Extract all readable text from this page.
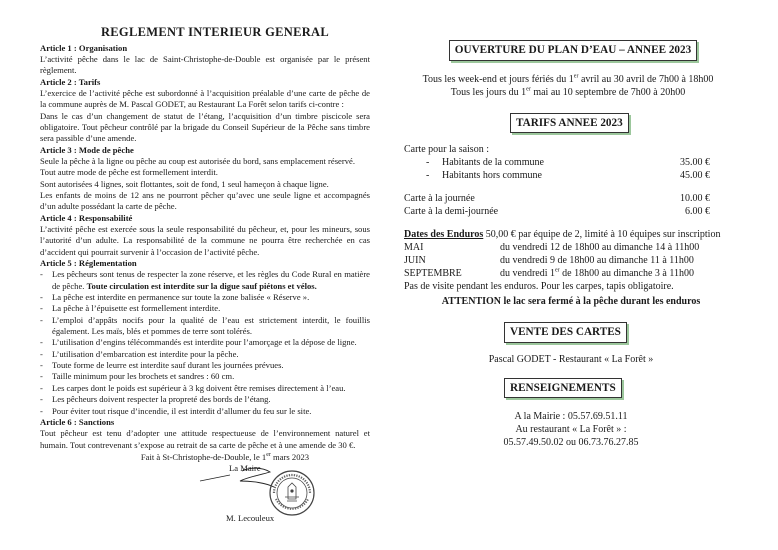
REGLEMENT INTERIEUR GENERAL
Article 1 : Organisation
L’activité pêche dans le lac de Saint-Christophe-de-Double est organisée par le présent règlement.
Article 2 : Tarifs
L’exercice de l’activité pêche est subordonné à l’acquisition préalable d’une carte de pêche de la commune auprès de M. Pascal GODET, au Restaurant La Forêt selon tarifs ci-contre :
Dans le cas d’un changement de statut de l’étang, l’acquisition d’un timbre piscicole sera obligatoire. Tout pêcheur contrôlé par la brigade du Conseil Supérieur de la Pêche sans timbre sera passible d’une amende.
Article 3 : Mode de pêche
Seule la pêche à la ligne ou pêche au coup est autorisée du bord, sans emplacement réservé.
Tout autre mode de pêche est formellement interdit.
Sont autorisées 4 lignes, soit flottantes, soit de fond, 1 seul hameçon à chaque ligne.
Les enfants de moins de 12 ans ne pourront pêcher qu’avec une seule ligne et accompagnés d’un adulte possédant la carte de pêche.
Article 4 : Responsabilité
L’activité pêche est exercée sous la seule responsabilité du pêcheur, et, pour les mineurs, sous l’autorité d’un adulte. La responsabilité de la commune ne pourra être recherchée en cas d’accident qui pourrait survenir à l’occasion de l’activité pêche.
Article 5 : Réglementation
- Les pêcheurs sont tenus de respecter la zone réserve, et les règles du Code Rural en matière de pêche. Toute circulation est interdite sur la digue sauf piétons et vélos.
- La pêche est interdite en permanence sur toute la zone balisée « Réserve ».
- La pêche à l’épuisette est formellement interdite.
- L’emploi d’appâts nocifs pour la qualité de l’eau est strictement interdit, le fouillis également. Les maïs, blés et pommes de terre sont tolérés.
- L’utilisation d’engins télécommandés est interdite pour l’amorçage et la dépose de ligne.
- L’utilisation d’embarcation est interdite pour la pêche.
- Toute forme de leurre est interdite sauf durant les journées prévues.
- Taille minimum pour les brochets et sandres : 60 cm.
- Les carpes dont le poids est supérieur à 3 kg doivent être remises directement à l’eau.
- Les pêcheurs doivent respecter la propreté des bords de l’étang.
- Pour éviter tout risque d’incendie, il est interdit d’allumer du feu sur le site.
Article 6 : Sanctions
Tout pêcheur est tenu d’adopter une attitude respectueuse de l’environnement naturel et humain. Tout contrevenant s’expose au retrait de sa carte de pêche et à une amende de 30 €.
Fait à St-Christophe-de-Double, le 1er mars 2023
La Maire
M. Lecouleux
OUVERTURE DU PLAN D’EAU – ANNEE 2023
Tous les week-end et jours fériés du 1er avril au 30 avril de 7h00 à 18h00
Tous les jours du 1er mai au 10 septembre de 7h00 à 20h00
TARIFS ANNEE 2023
Carte pour la saison :
-	Habitants de la commune	35.00 €
-	Habitants hors commune	45.00 €
Carte à la journée	10.00 €
Carte à la demi-journée	6.00 €
Dates des Enduros 50,00 € par équipe de 2, limité à 10 équipes sur inscription
MAI	du vendredi 12 de 18h00 au dimanche 14 à 11h00
JUIN	du vendredi 9 de 18h00 au dimanche 11 à 11h00
SEPTEMBRE	du vendredi 1er de 18h00 au dimanche 3 à 11h00
Pas de visite pendant les enduros. Pour les carpes, tapis obligatoire.
ATTENTION le lac sera fermé à la pêche durant les enduros
VENTE DES CARTES
Pascal GODET - Restaurant « La Forêt »
RENSEIGNEMENTS
A la Mairie : 05.57.69.51.11
Au restaurant « La Forêt » :
05.57.49.50.02 ou 06.73.76.27.85
